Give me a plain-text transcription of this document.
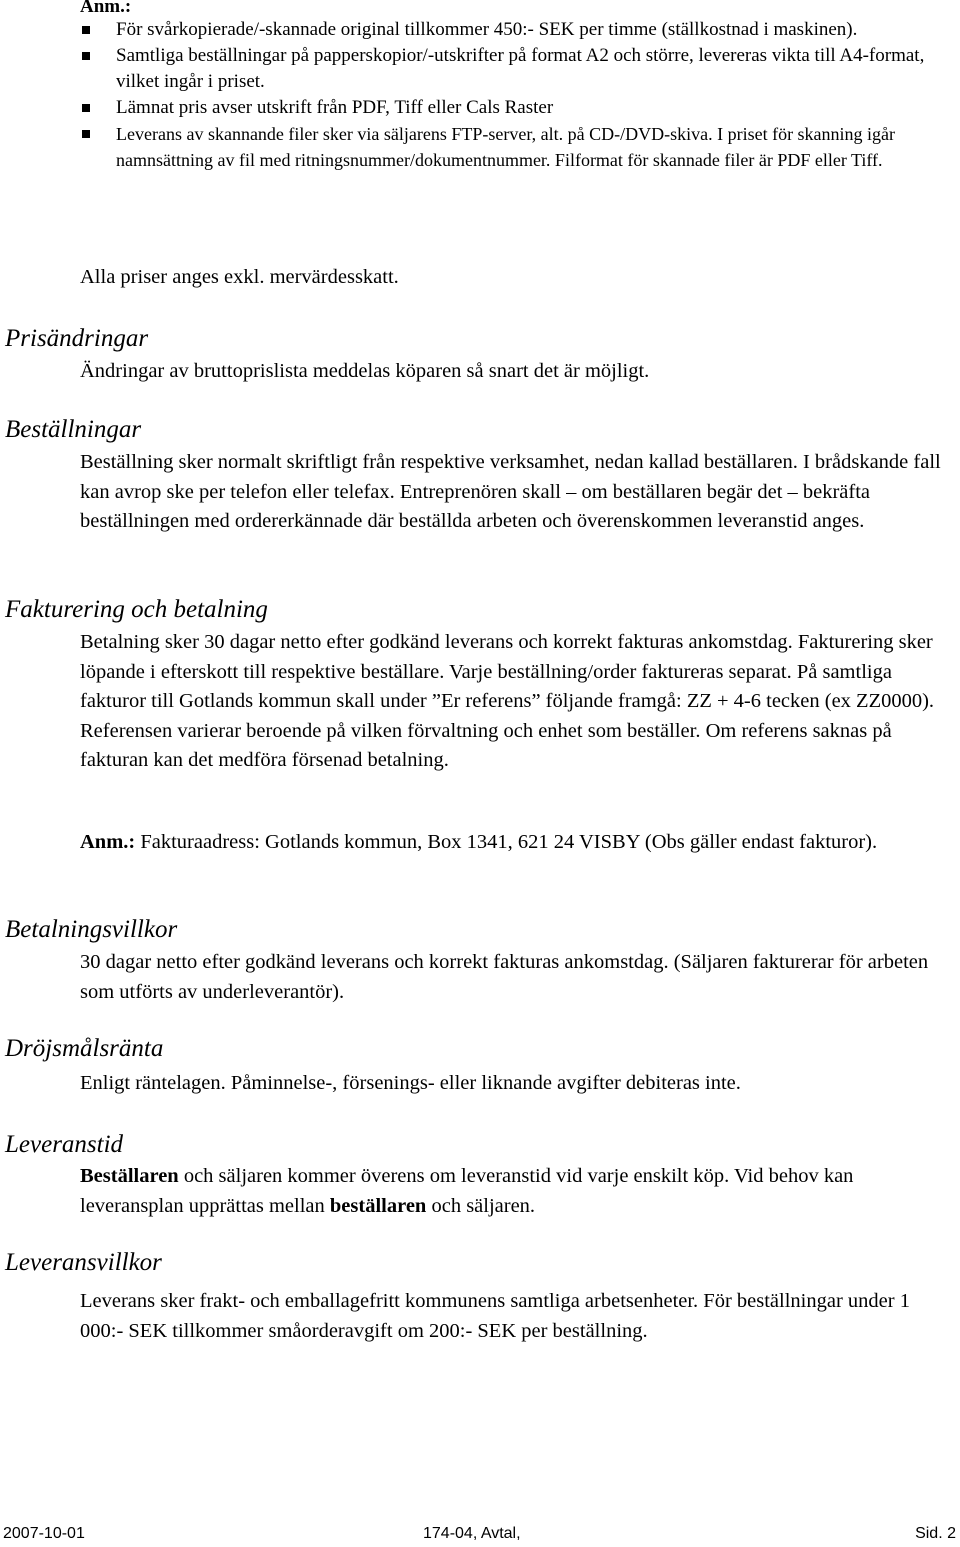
Anm.:

För svårkopierade/-skannade original tillkommer 450:- SEK per timme (ställkostnad i maskinen).
Samtliga beställningar på papperskopior/-utskrifter på format A2 och större, levereras vikta till A4-format, vilket ingår i priset.
Lämnat pris avser utskrift från PDF, Tiff eller Cals Raster
Leverans av skannande filer sker via säljarens FTP-server, alt. på CD-/DVD-skiva. I priset för skanning igår namnsättning av fil med ritningsnummer/dokumentnummer. Filformat för skannade filer är PDF eller Tiff.

Alla priser anges exkl. mervärdesskatt.

Prisändringar

Ändringar av bruttoprislista meddelas köparen så snart det är möjligt.

Beställningar

Beställning sker normalt skriftligt från respektive verksamhet, nedan kallad beställaren. I brådskande fall kan avrop ske per telefon eller telefax. Entreprenören skall – om beställaren begär det – bekräfta beställningen med ordererkännade där beställda arbeten och överenskommen leveranstid anges.

Fakturering och betalning

Betalning sker 30 dagar netto efter godkänd leverans och korrekt fakturas ankomstdag. Fakturering sker löpande i efterskott till respektive beställare. Varje beställning/order faktureras separat. På samtliga fakturor till Gotlands kommun skall under ”Er referens” följande framgå: ZZ + 4-6 tecken (ex ZZ0000). Referensen varierar beroende på vilken förvaltning och enhet som beställer. Om referens saknas på fakturan kan det medföra försenad betalning.

Anm.: Fakturaadress: Gotlands kommun, Box 1341, 621 24 VISBY (Obs gäller endast fakturor).

Betalningsvillkor

30 dagar netto efter godkänd leverans och korrekt fakturas ankomstdag. (Säljaren fakturerar för arbeten som utförts av underleverantör).

Dröjsmålsränta

Enligt räntelagen. Påminnelse-, försenings- eller liknande avgifter debiteras inte.

Leveranstid

Beställaren och säljaren kommer överens om leveranstid vid varje enskilt köp. Vid behov kan leveransplan upprättas mellan beställaren och säljaren.

Leveransvillkor

Leverans sker frakt- och emballagefritt kommunens samtliga arbetsenheter. För beställningar under 1 000:- SEK tillkommer småorderavgift om 200:- SEK per beställning.

2007-10-01	174-04, Avtal,	Sid. 2
